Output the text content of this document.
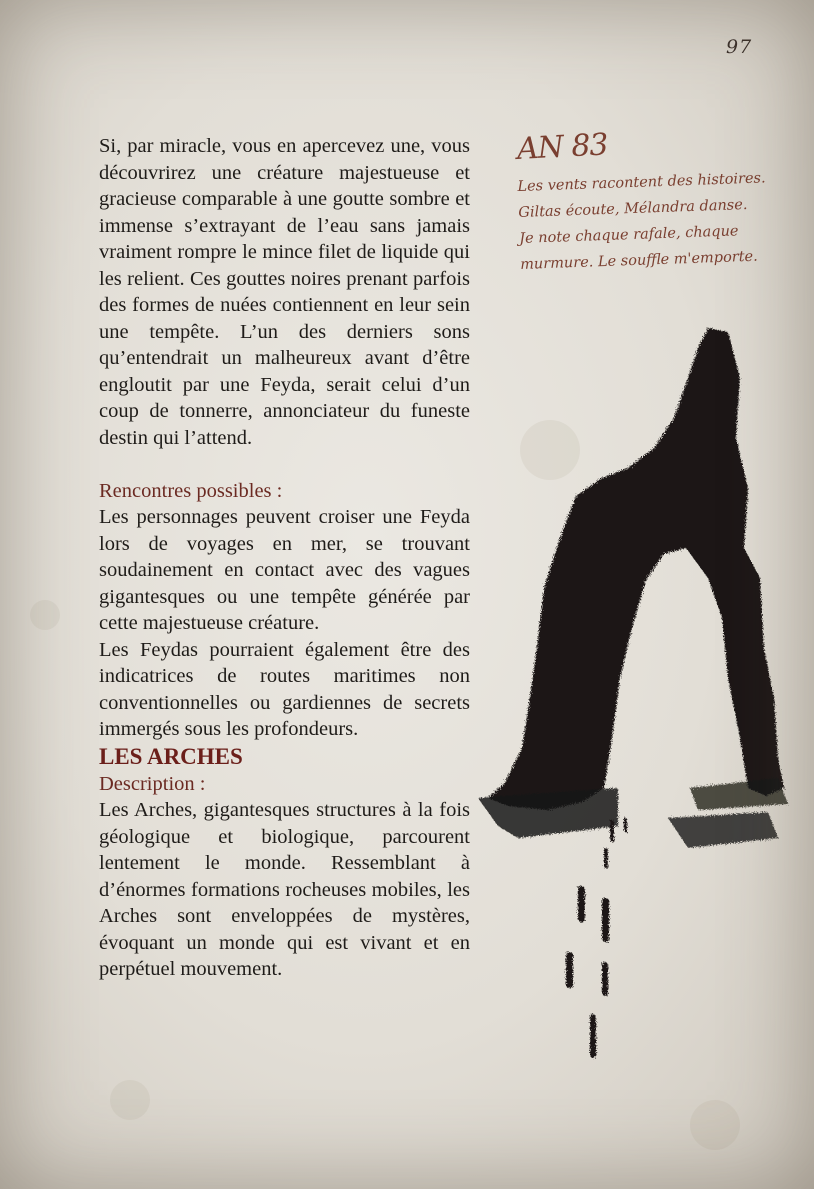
97

Si, par miracle, vous en apercevez une, vous découvrirez une créature majestueuse et gracieuse comparable à une goutte sombre et immense s’extrayant de l’eau sans jamais vraiment rompre le mince filet de liquide qui les relient. Ces gouttes noires prenant parfois des formes de nuées contiennent en leur sein une tempête. L’un des derniers sons qu’entendrait un malheureux avant d’être engloutit par une Feyda, serait celui d’un coup de tonnerre, annonciateur du funeste destin qui l’attend.

Rencontres possibles :

Les personnages peuvent croiser une Feyda lors de voyages en mer, se trouvant soudainement en contact avec des vagues gigantesques ou une tempête générée par cette majestueuse créature.

Les Feydas pourraient également être des indicatrices de routes maritimes non conventionnelles ou gardiennes de secrets immergés sous les profondeurs.

LES ARCHES

Description :

Les Arches, gigantesques structures à la fois géologique et biologique, parcourent lentement le monde. Ressemblant à d’énormes formations rocheuses mobiles, les Arches sont enveloppées de mystères, évoquant un monde qui est vivant et en perpétuel mouvement.

AN 83
Les vents racontent des histoires.
Giltas écoute, Mélandra danse.
Je note chaque rafale, chaque
murmure. Le souffle m'emporte.
